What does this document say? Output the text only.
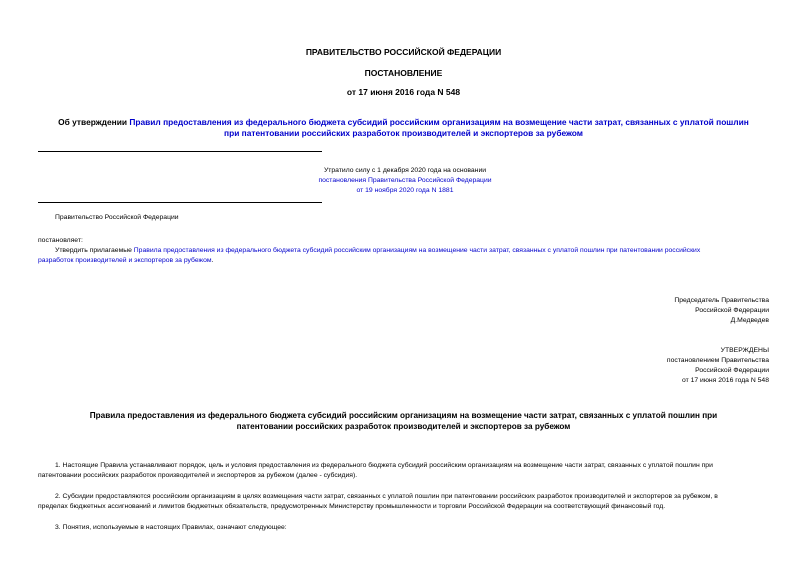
ПРАВИТЕЛЬСТВО РОССИЙСКОЙ ФЕДЕРАЦИИ
ПОСТАНОВЛЕНИЕ
от 17 июня 2016 года N 548
Об утверждении Правил предоставления из федерального бюджета субсидий российским организациям на возмещение части затрат, связанных с уплатой пошлин
при патентовании российских разработок производителей и экспортеров за рубежом
Утратило силу с 1 декабря 2020 года на основании
постановления Правительства Российской Федерации
от 19 ноября 2020 года N 1881
Правительство Российской Федерации
постановляет:
Утвердить прилагаемые Правила предоставления из федерального бюджета субсидий российским организациям на возмещение части затрат, связанных с уплатой пошлин при патентовании российских
разработок производителей и экспортеров за рубежом.
Председатель Правительства
Российской Федерации
Д.Медведев
УТВЕРЖДЕНЫ
постановлением Правительства
Российской Федерации
от 17 июня 2016 года N 548
Правила предоставления из федерального бюджета субсидий российским организациям на возмещение части затрат, связанных с уплатой пошлин при
патентовании российских разработок производителей и экспортеров за рубежом
1. Настоящие Правила устанавливают порядок, цель и условия предоставления из федерального бюджета субсидий российским организациям на возмещение части затрат, связанных с уплатой пошлин при
патентовании российских разработок производителей и экспортеров за рубежом (далее - субсидия).
2. Субсидии предоставляются российским организациям в целях возмещения части затрат, связанных с уплатой пошлин при патентовании российских разработок производителей и экспортеров за рубежом, в
пределах бюджетных ассигнований и лимитов бюджетных обязательств, предусмотренных Министерству промышленности и торговли Российской Федерации на соответствующий финансовый год.
3. Понятия, используемые в настоящих Правилах, означают следующее:
